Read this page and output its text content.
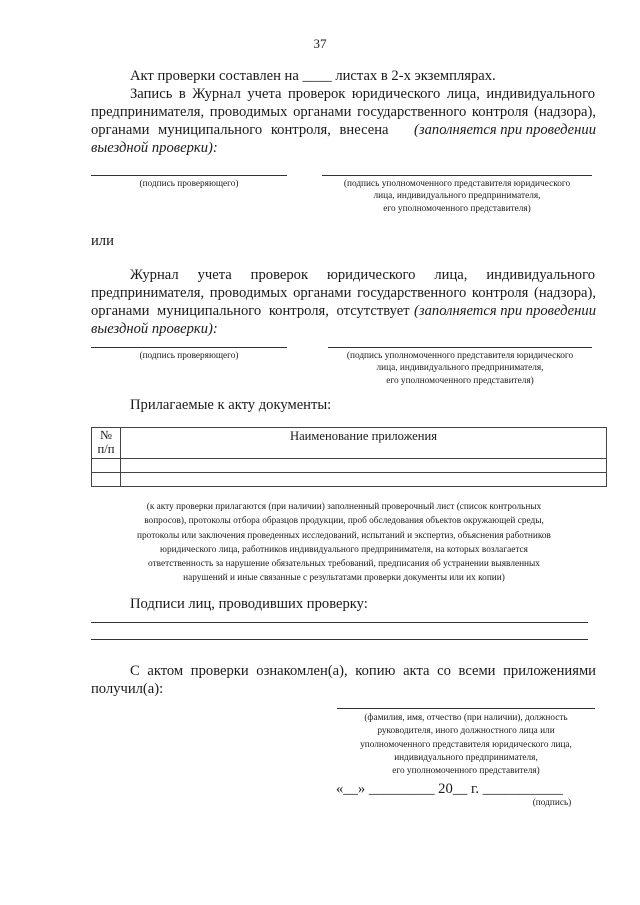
37
Акт проверки составлен на ____ листах в 2-х экземплярах.
Запись в Журнал учета проверок юридического лица, индивидуального
предпринимателя, проводимых органами государственного контроля (надзора),
органами муниципального контроля, внесена (заполняется при проведении
выездной проверки):
(подпись проверяющего)	(подпись уполномоченного представителя юридического
лица, индивидуального предпринимателя,
его уполномоченного представителя)
или
Журнал учета проверок юридического лица, индивидуального
предпринимателя, проводимых органами государственного контроля (надзора),
органами муниципального контроля, отсутствует (заполняется при проведении
выездной проверки):
(подпись проверяющего)	(подпись уполномоченного представителя юридического
лица, индивидуального предпринимателя,
его уполномоченного представителя)
Прилагаемые к акту документы:
№
п/п	Наименование приложения

(к акту проверки прилагаются (при наличии) заполненный проверочный лист (список контрольных
вопросов), протоколы отбора образцов продукции, проб обследования объектов окружающей среды,
протоколы или заключения проведенных исследований, испытаний и экспертиз, объяснения работников
юридического лица, работников индивидуального предпринимателя, на которых возлагается
ответственность за нарушение обязательных требований, предписания об устранении выявленных
нарушений и иные связанные с результатами проверки документы или их копии)
Подписи лиц, проводивших проверку:
С актом проверки ознакомлен(а), копию акта со всеми приложениями
получил(а):
(фамилия, имя, отчество (при наличии), должность
руководителя, иного должностного лица или
уполномоченного представителя юридического лица,
индивидуального предпринимателя,
его уполномоченного представителя)
«__» _________ 20__ г. ___________
(подпись)
